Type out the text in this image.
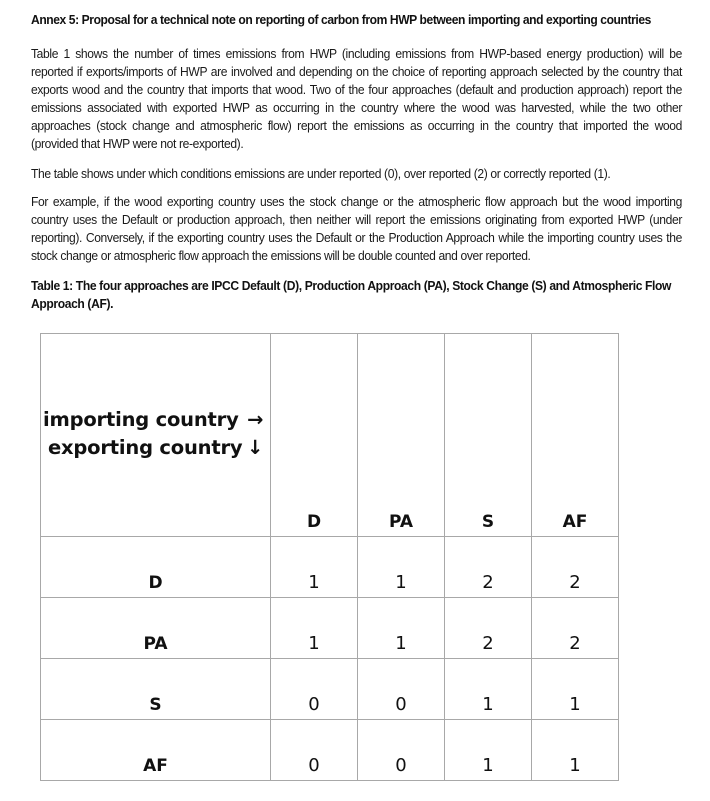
Annex 5: Proposal for a technical note on reporting of carbon from HWP between importing and exporting countries
Table 1 shows the number of times emissions from HWP (including emissions from HWP-based energy production) will be reported if exports/imports of HWP are involved and depending on the choice of reporting approach selected by the country that exports wood and the country that imports that wood. Two of the four approaches (default and production approach) report the emissions associated with exported HWP as occurring in the country where the wood was harvested, while the two other approaches (stock change and atmospheric flow) report the emissions as occurring in the country that imported the wood (provided that HWP were not re-exported).
The table shows under which conditions emissions are under reported (0), over reported (2) or correctly reported (1).
For example, if the wood exporting country uses the stock change or the atmospheric flow approach but the wood importing country uses the Default or production approach, then neither will report the emissions originating from exported HWP (under reporting). Conversely, if the exporting country uses the Default or the Production Approach while the importing country uses the stock change or atmospheric flow approach the emissions will be double counted and over reported.
Table 1: The four approaches are IPCC Default (D), Production Approach (PA), Stock Change (S) and Atmospheric Flow Approach (AF).
importing country →
exporting country ↓	D	PA	S	AF
D	1	1	2	2
PA	1	1	2	2
S	0	0	1	1
AF	0	0	1	1
